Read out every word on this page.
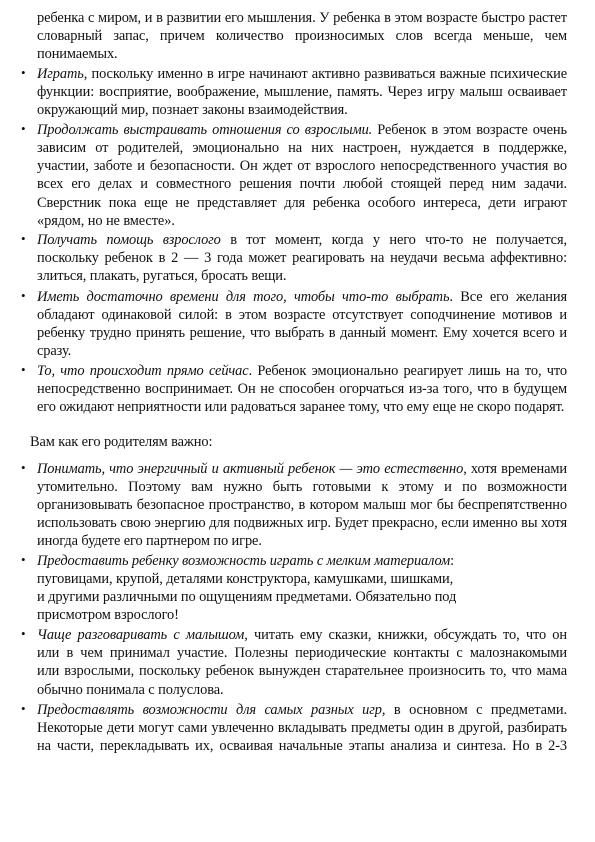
ребенка с миром, и в развитии его мышления. У ребенка в этом возрасте быстро растет
словарный запас, причем количество произносимых слов всегда меньше, чем
понимаемых.
• Играть, поскольку именно в игре начинают активно развиваться важные психические
функции: восприятие, воображение, мышление, память. Через игру малыш осваивает
окружающий мир, познает законы взаимодействия.
• Продолжать выстраивать отношения со взрослыми. Ребенок в этом возрасте очень
зависим от родителей, эмоционально на них настроен, нуждается в поддержке,
участии, заботе и безопасности. Он ждет от взрослого непосредственного участия во
всех его делах и совместного решения почти любой стоящей перед ним задачи.
Сверстник пока еще не представляет для ребенка особого интереса, дети играют
«рядом, но не вместе».
• Получать помощь взрослого в тот момент, когда у него что-то не получается,
поскольку ребенок в 2 — 3 года может реагировать на неудачи весьма аффективно:
злиться, плакать, ругаться, бросать вещи.
• Иметь достаточно времени для того, чтобы что-то выбрать. Все его желания
обладают одинаковой силой: в этом возрасте отсутствует соподчинение мотивов и
ребенку трудно принять решение, что выбрать в данный момент. Ему хочется всего и
сразу.
• То, что происходит прямо сейчас. Ребенок эмоционально реагирует лишь на то, что
непосредственно воспринимает. Он не способен огорчаться из-за того, что в будущем
его ожидают неприятности или радоваться заранее тому, что ему еще не скоро подарят.
Вам как его родителям важно:
• Понимать, что энергичный и активный ребенок — это естественно, хотя временами
утомительно. Поэтому вам нужно быть готовыми к этому и по возможности
организовывать безопасное пространство, в котором малыш мог бы беспрепятственно
использовать свою энергию для подвижных игр. Будет прекрасно, если именно вы хотя
иногда будете его партнером по игре.
• Предоставить ребенку возможность играть с мелким материалом:
пуговицами, крупой, деталями конструктора, камушками, шишками,
и другими различными по ощущениям предметами. Обязательно под
присмотром взрослого!
• Чаще разговаривать с малышом, читать ему сказки, книжки, обсуждать то, что он
или в чем принимал участие. Полезны периодические контакты с малознакомыми
или взрослыми, поскольку ребенок вынужден старательнее произносить то, что мама
обычно понимала с полуслова.
• Предоставлять возможности для самых разных игр, в основном с предметами.
Некоторые дети могут сами увлеченно вкладывать предметы один в другой, разбирать
на части, перекладывать их, осваивая начальные этапы анализа и синтеза. Но в 2-3
